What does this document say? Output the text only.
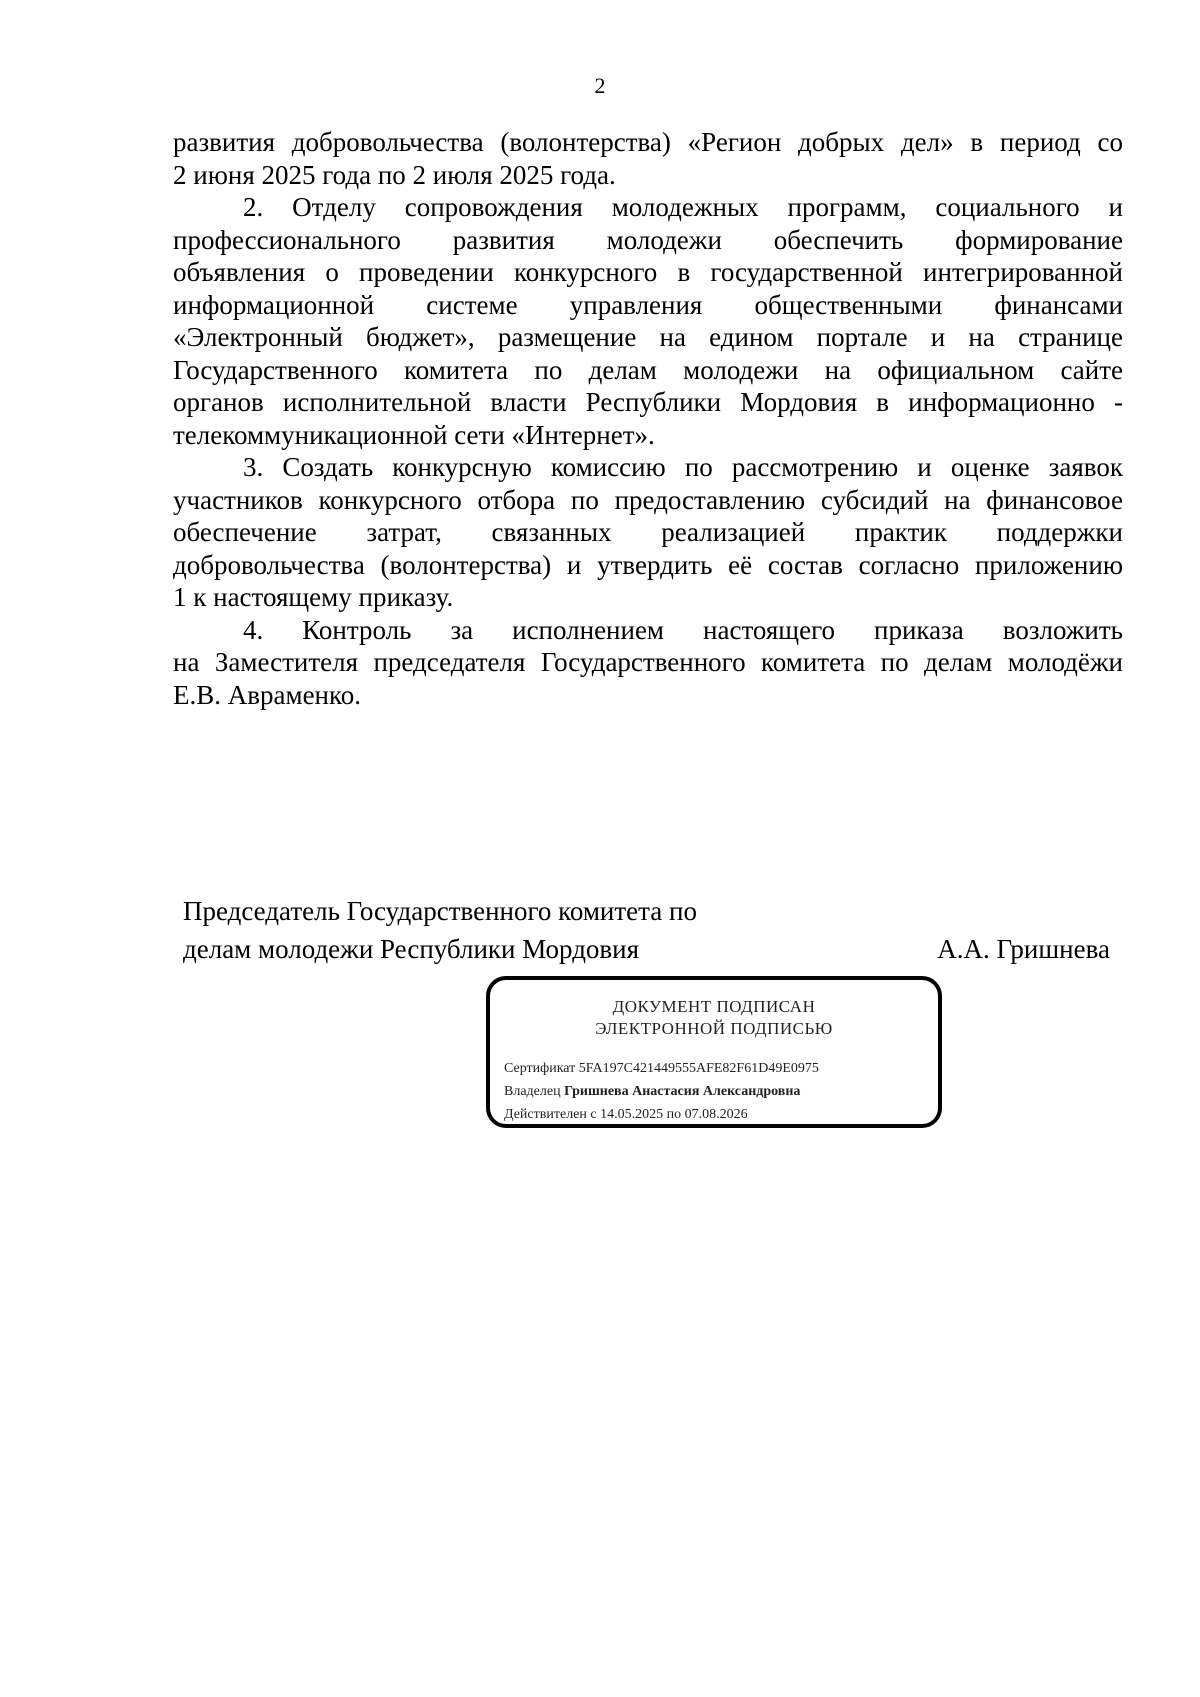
2

развития добровольчества (волонтерства) «Регион добрых дел» в период со
2 июня 2025 года по 2 июля 2025 года.

2. Отделу сопровождения молодежных программ, социального и
профессионального развития молодежи обеспечить формирование
объявления о проведении конкурсного в государственной интегрированной
информационной системе управления общественными финансами
«Электронный бюджет», размещение на едином портале и на странице
Государственного комитета по делам молодежи на официальном сайте
органов исполнительной власти Республики Мордовия в информационно -
телекоммуникационной сети «Интернет».

3. Создать конкурсную комиссию по рассмотрению и оценке заявок
участников конкурсного отбора по предоставлению субсидий на финансовое
обеспечение затрат, связанных реализацией практик поддержки
добровольчества (волонтерства) и утвердить её состав согласно приложению
1 к настоящему приказу.

4. Контроль за исполнением настоящего приказа возложить
на Заместителя председателя Государственного комитета по делам молодёжи
Е.В. Авраменко.

Председатель Государственного комитета по
делам молодежи Республики Мордовия	А.А. Гришнева
ДОКУМЕНТ ПОДПИСАН
ЭЛЕКТРОННОЙ ПОДПИСЬЮ
Сертификат 5FA197C421449555AFE82F61D49E0975
Владелец Гришнева Анастасия Александровна
Действителен с 14.05.2025 по 07.08.2026
